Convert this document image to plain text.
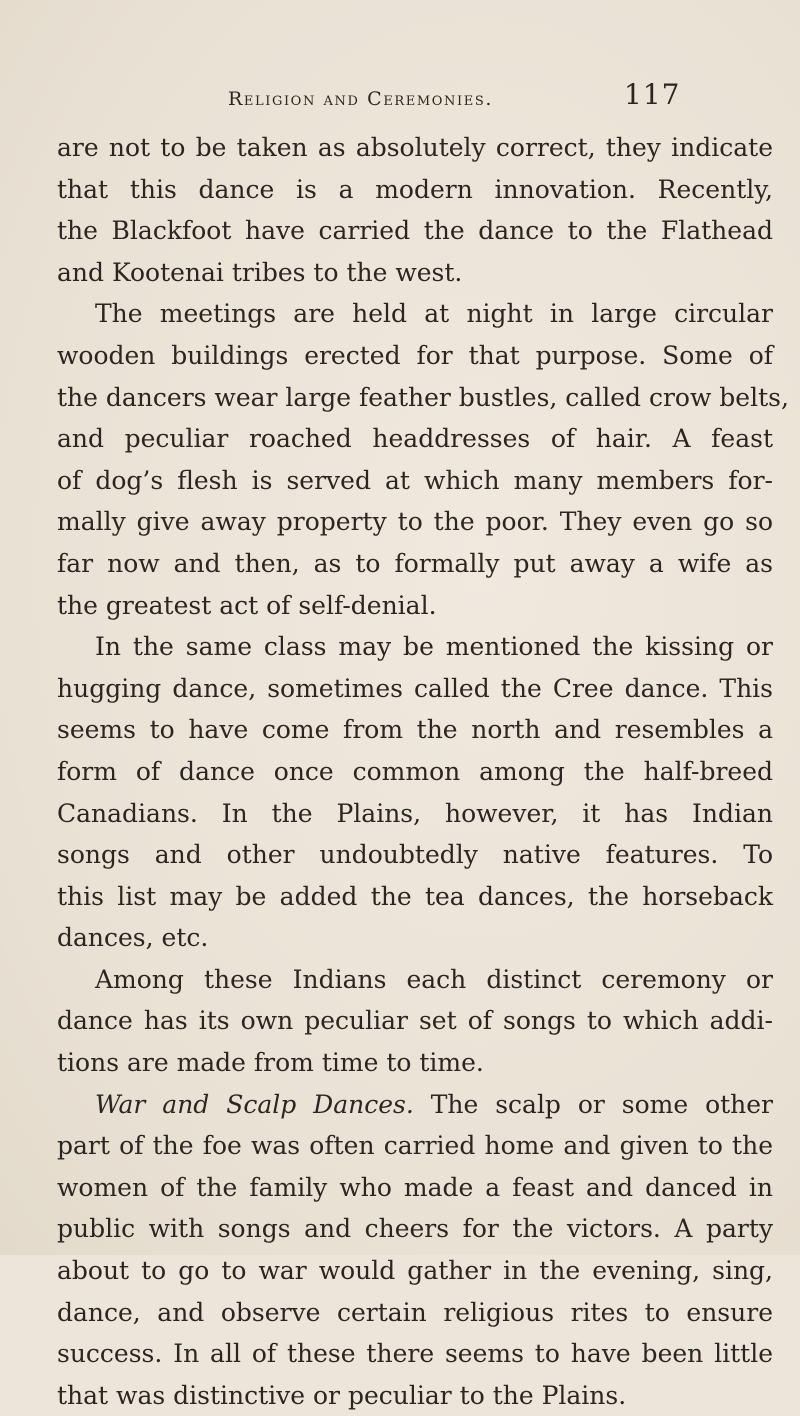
Religion and Ceremonies.	117
are not to be taken as absolutely correct, they indicate
that this dance is a modern innovation. Recently,
the Blackfoot have carried the dance to the Flathead
and Kootenai tribes to the west.
The meetings are held at night in large circular
wooden buildings erected for that purpose. Some of
the dancers wear large feather bustles, called crow belts,
and peculiar roached headdresses of hair. A feast
of dog’s flesh is served at which many members for-
mally give away property to the poor. They even go so
far now and then, as to formally put away a wife as
the greatest act of self-denial.
In the same class may be mentioned the kissing or
hugging dance, sometimes called the Cree dance. This
seems to have come from the north and resembles a
form of dance once common among the half-breed
Canadians. In the Plains, however, it has Indian
songs and other undoubtedly native features. To
this list may be added the tea dances, the horseback
dances, etc.
Among these Indians each distinct ceremony or
dance has its own peculiar set of songs to which addi-
tions are made from time to time.
War and Scalp Dances. The scalp or some other
part of the foe was often carried home and given to the
women of the family who made a feast and danced in
public with songs and cheers for the victors. A party
about to go to war would gather in the evening, sing,
dance, and observe certain religious rites to ensure
success. In all of these there seems to have been little
that was distinctive or peculiar to the Plains.
